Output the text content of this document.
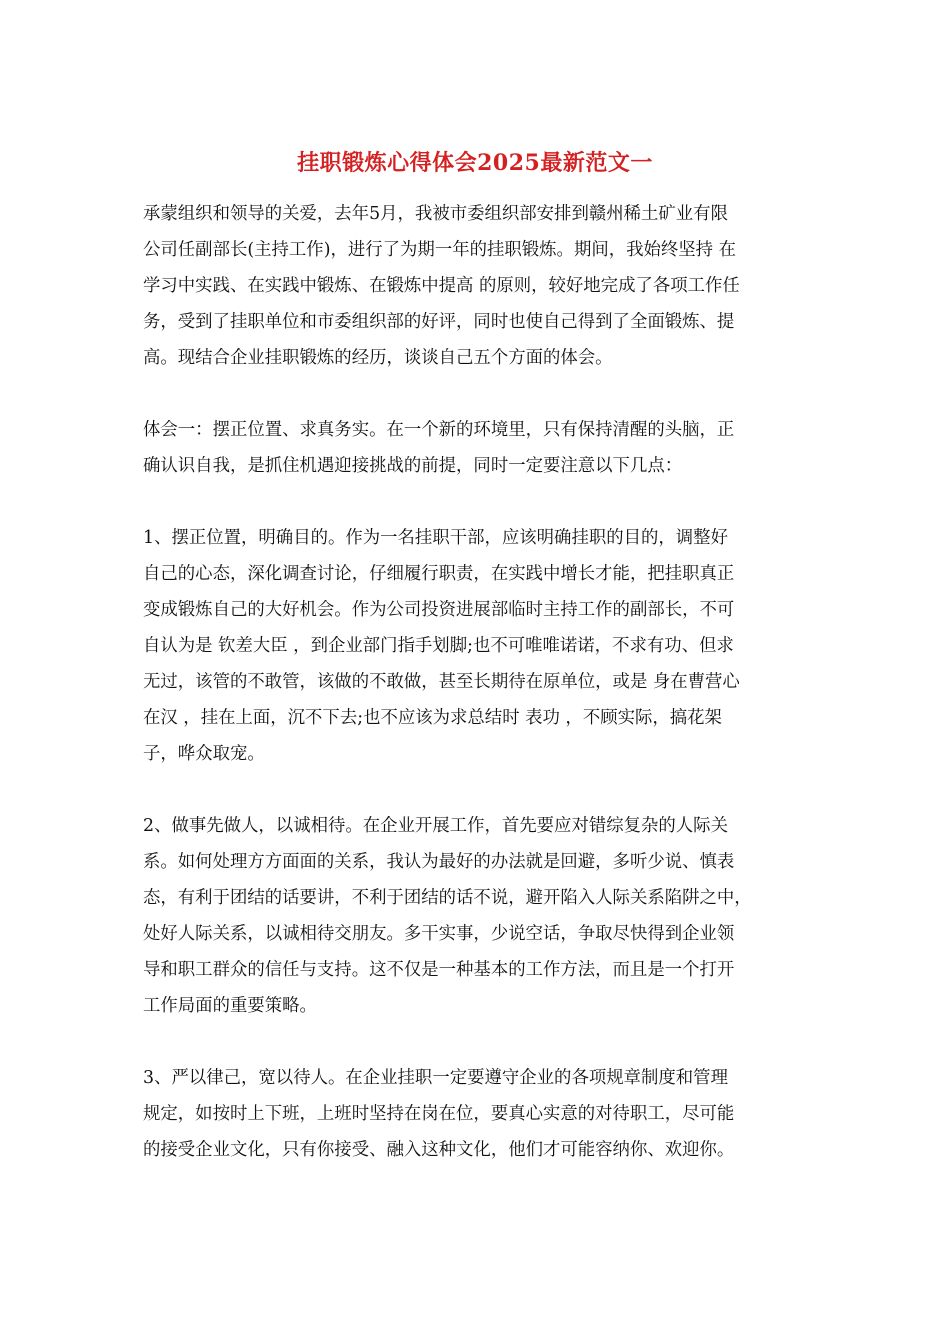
挂职锻炼心得体会2025最新范文一
承蒙组织和领导的关爱，去年5月，我被市委组织部安排到赣州稀土矿业有限
公司任副部长(主持工作)，进行了为期一年的挂职锻炼。期间，我始终坚持 在
学习中实践、在实践中锻炼、在锻炼中提高 的原则，较好地完成了各项工作任
务，受到了挂职单位和市委组织部的好评，同时也使自己得到了全面锻炼、提
高。现结合企业挂职锻炼的经历，谈谈自己五个方面的体会。
体会一：摆正位置、求真务实。在一个新的环境里，只有保持清醒的头脑，正
确认识自我，是抓住机遇迎接挑战的前提，同时一定要注意以下几点：
1、摆正位置，明确目的。作为一名挂职干部，应该明确挂职的目的，调整好
自己的心态，深化调查讨论，仔细履行职责，在实践中增长才能，把挂职真正
变成锻炼自己的大好机会。作为公司投资进展部临时主持工作的副部长，不可
自认为是 钦差大臣 ，到企业部门指手划脚;也不可唯唯诺诺，不求有功、但求
无过，该管的不敢管，该做的不敢做，甚至长期待在原单位，或是 身在曹营心
在汉 ，挂在上面，沉不下去;也不应该为求总结时 表功 ，不顾实际，搞花架
子，哗众取宠。
2、做事先做人，以诚相待。在企业开展工作，首先要应对错综复杂的人际关
系。如何处理方方面面的关系，我认为最好的办法就是回避，多听少说、慎表
态，有利于团结的话要讲，不利于团结的话不说，避开陷入人际关系陷阱之中，
处好人际关系，以诚相待交朋友。多干实事，少说空话，争取尽快得到企业领
导和职工群众的信任与支持。这不仅是一种基本的工作方法，而且是一个打开
工作局面的重要策略。
3、严以律己，宽以待人。在企业挂职一定要遵守企业的各项规章制度和管理
规定，如按时上下班，上班时坚持在岗在位，要真心实意的对待职工，尽可能
的接受企业文化，只有你接受、融入这种文化，他们才可能容纳你、欢迎你。
